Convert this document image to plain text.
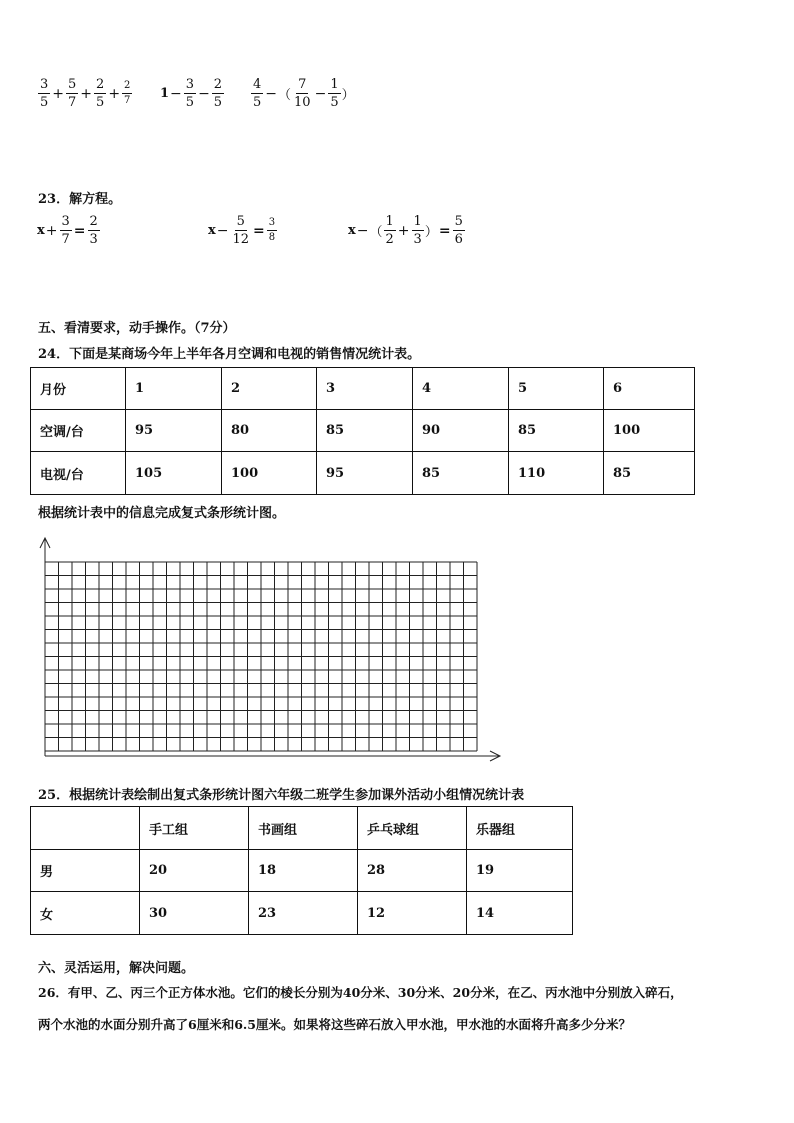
$\frac{3}{5} + \frac{5}{7} + \frac{2}{5} + \frac{2}{7} 1 - \frac{3}{5} - \frac{2}{5} \frac{4}{5}$ − （ $\frac{7}{10} - \frac{1}{5}$ ）
23．解方程。
$x + \frac{3}{7} = \frac{2}{3}$	$x - \frac{5}{12} = \frac{3}{8}$	x − （ $\frac{1}{2} + \frac{1}{3}$ ） = $\frac{5}{6}$
五、看清要求，动手操作。（7分）
24．下面是某商场今年上半年各月空调和电视的销售情况统计表。
月份	1	2	3	4	5	6
空调/台	95	80	85	90	85	100
电视/台	105	100	95	85	110	85
根据统计表中的信息完成复式条形统计图。
25．根据统计表绘制出复式条形统计图六年级二班学生参加课外活动小组情况统计表
	手工组	书画组	乒乓球组	乐器组
男	20	18	28	19
女	30	23	12	14
六、灵活运用，解决问题。
26．有甲、乙、丙三个正方体水池。它们的棱长分别为40分米、30分米、20分米，在乙、丙水池中分别放入碎石，
两个水池的水面分别升高了6厘米和6.5厘米。如果将这些碎石放入甲水池，甲水池的水面将升高多少分米？
